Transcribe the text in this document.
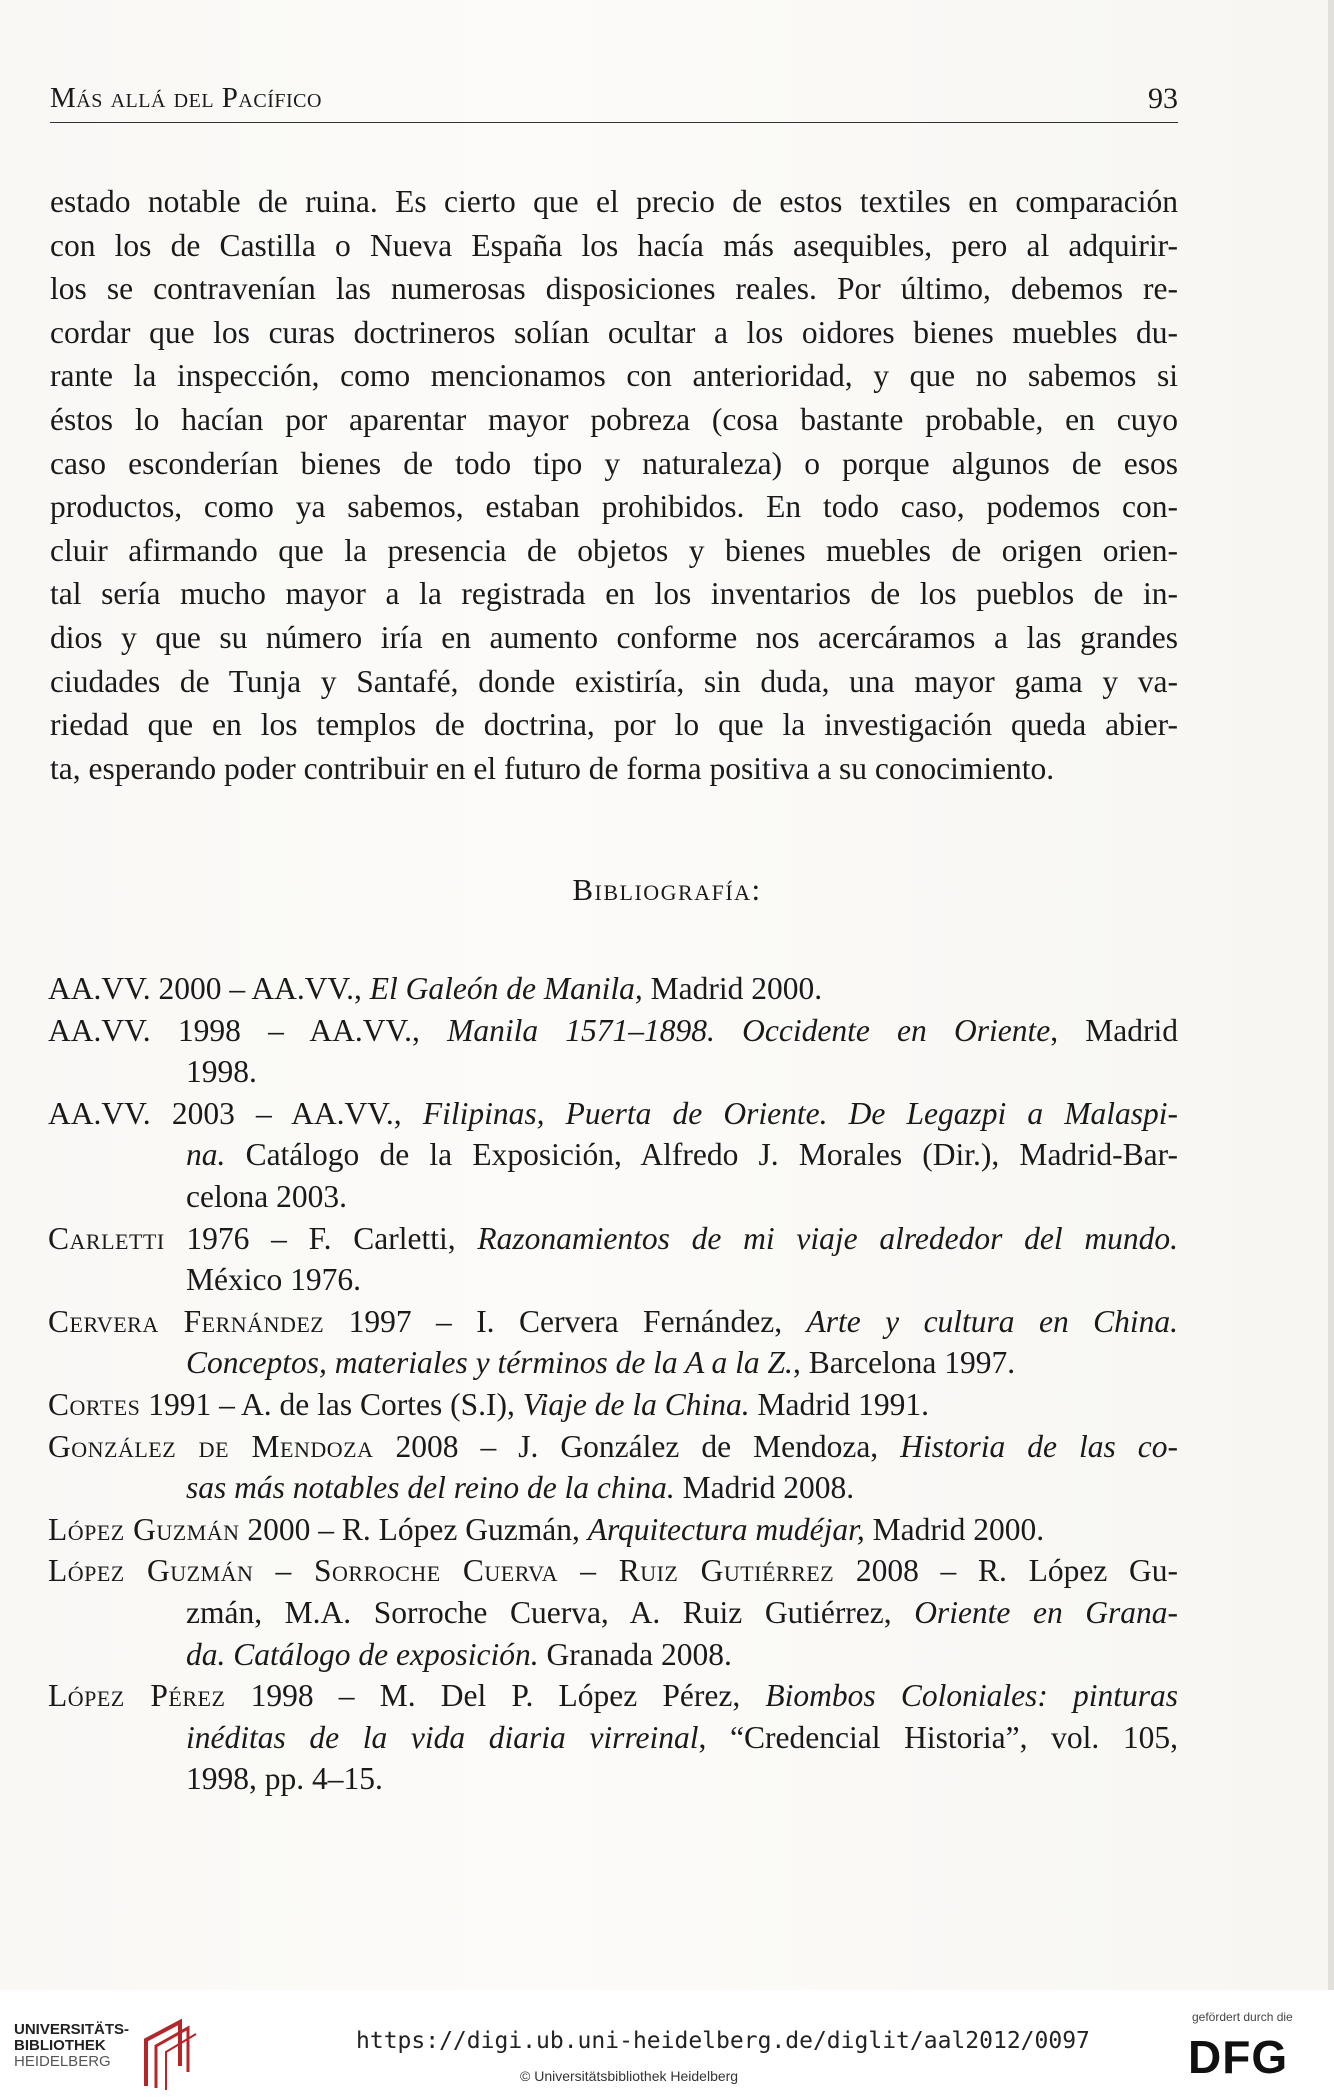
Más allá del Pacífico	93
estado notable de ruina. Es cierto que el precio de estos textiles en comparación
con los de Castilla o Nueva España los hacía más asequibles, pero al adquirir-
los se contravenían las numerosas disposiciones reales. Por último, debemos re-
cordar que los curas doctrineros solían ocultar a los oidores bienes muebles du-
rante la inspección, como mencionamos con anterioridad, y que no sabemos si
éstos lo hacían por aparentar mayor pobreza (cosa bastante probable, en cuyo
caso esconderían bienes de todo tipo y naturaleza) o porque algunos de esos
productos, como ya sabemos, estaban prohibidos. En todo caso, podemos con-
cluir afirmando que la presencia de objetos y bienes muebles de origen orien-
tal sería mucho mayor a la registrada en los inventarios de los pueblos de in-
dios y que su número iría en aumento conforme nos acercáramos a las grandes
ciudades de Tunja y Santafé, donde existiría, sin duda, una mayor gama y va-
riedad que en los templos de doctrina, por lo que la investigación queda abier-
ta, esperando poder contribuir en el futuro de forma positiva a su conocimiento.
Bibliografía:
AA.VV. 2000 – AA.VV., El Galeón de Manila, Madrid 2000.
AA.VV. 1998 – AA.VV., Manila 1571–1898. Occidente en Oriente, Madrid
1998.
AA.VV. 2003 – AA.VV., Filipinas, Puerta de Oriente. De Legazpi a Malaspi-
na. Catálogo de la Exposición, Alfredo J. Morales (Dir.), Madrid-Bar-
celona 2003.
Carletti 1976 – F. Carletti, Razonamientos de mi viaje alrededor del mundo.
México 1976.
Cervera Fernández 1997 – I. Cervera Fernández, Arte y cultura en China.
Conceptos, materiales y términos de la A a la Z., Barcelona 1997.
Cortes 1991 – A. de las Cortes (S.I), Viaje de la China. Madrid 1991.
González de Mendoza 2008 – J. González de Mendoza, Historia de las co-
sas más notables del reino de la china. Madrid 2008.
López Guzmán 2000 – R. López Guzmán, Arquitectura mudéjar, Madrid 2000.
López Guzmán – Sorroche Cuerva – Ruiz Gutiérrez 2008 – R. López Gu-
zmán, M.A. Sorroche Cuerva, A. Ruiz Gutiérrez, Oriente en Grana-
da. Catálogo de exposición. Granada 2008.
López Pérez 1998 – M. Del P. López Pérez, Biombos Coloniales: pinturas
inéditas de la vida diaria virreinal, “Credencial Historia”, vol. 105,
1998, pp. 4–15.
UNIVERSITÄTS-
BIBLIOTHEK
HEIDELBERG
https://digi.ub.uni-heidelberg.de/diglit/aal2012/0097
© Universitätsbibliothek Heidelberg
gefördert durch die
DFG
